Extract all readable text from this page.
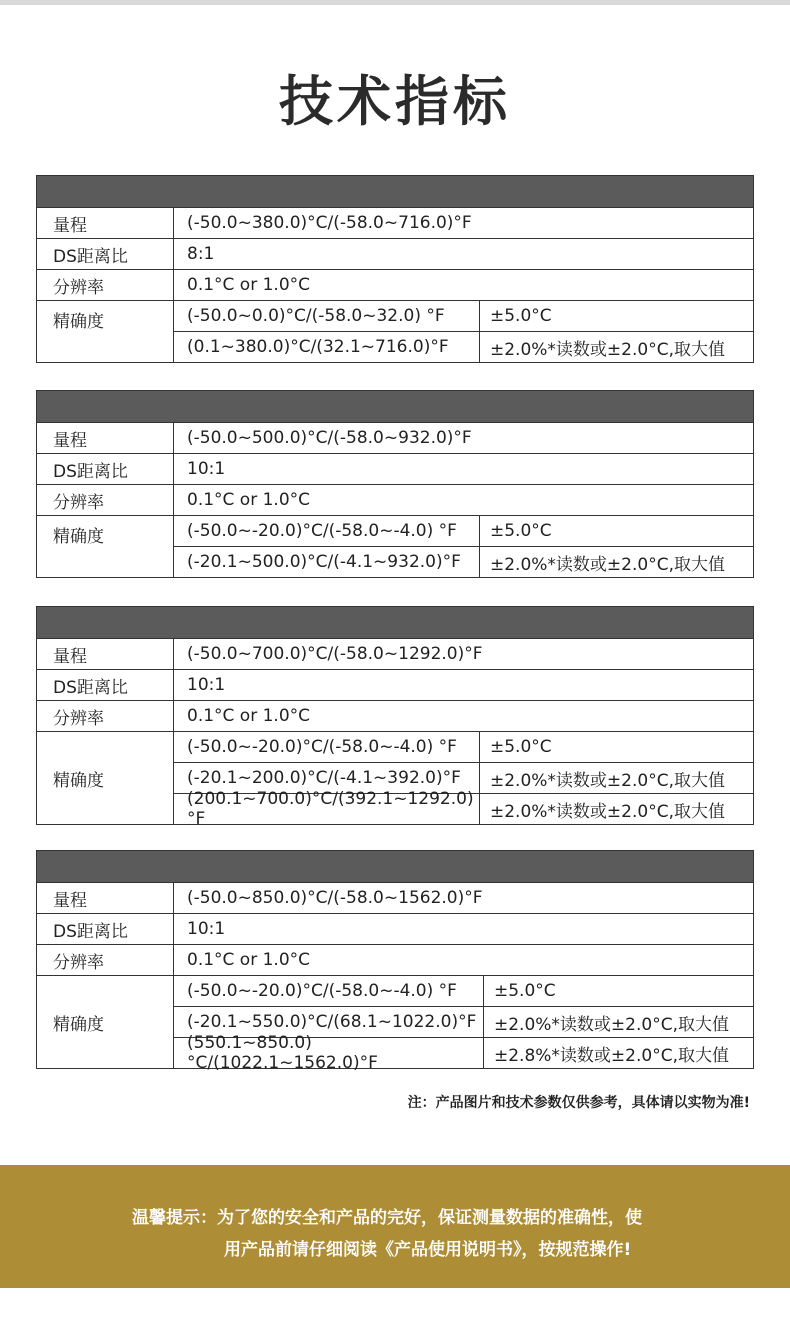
技术指标
量程	(-50.0~380.0)°C/(-58.0~716.0)°F
DS距离比	8:1
分辨率	0.1°C or 1.0°C
精确度	(-50.0~0.0)°C/(-58.0~32.0) °F	±5.0°C
(0.1~380.0)°C/(32.1~716.0)°F	±2.0%*读数或±2.0°C,取大值
量程	(-50.0~500.0)°C/(-58.0~932.0)°F
DS距离比	10:1
分辨率	0.1°C or 1.0°C
精确度	(-50.0~-20.0)°C/(-58.0~-4.0) °F	±5.0°C
(-20.1~500.0)°C/(-4.1~932.0)°F	±2.0%*读数或±2.0°C,取大值
量程	(-50.0~700.0)°C/(-58.0~1292.0)°F
DS距离比	10:1
分辨率	0.1°C or 1.0°C
精确度
(-50.0~-20.0)°C/(-58.0~-4.0) °F	±5.0°C
(-20.1~200.0)°C/(-4.1~392.0)°F	±2.0%*读数或±2.0°C,取大值
(200.1~700.0)°C/(392.1~1292.0)°F	±2.0%*读数或±2.0°C,取大值
量程	(-50.0~850.0)°C/(-58.0~1562.0)°F
DS距离比	10:1
分辨率	0.1°C or 1.0°C
精确度
(-50.0~-20.0)°C/(-58.0~-4.0) °F	±5.0°C
(-20.1~550.0)°C/(68.1~1022.0)°F	±2.0%*读数或±2.0°C,取大值
(550.1~850.0)°C/(1022.1~1562.0)°F	±2.8%*读数或±2.0°C,取大值
注：产品图片和技术参数仅供参考，具体请以实物为准!
温馨提示：为了您的安全和产品的完好，保证测量数据的准确性，使
用产品前请仔细阅读《产品使用说明书》，按规范操作!
